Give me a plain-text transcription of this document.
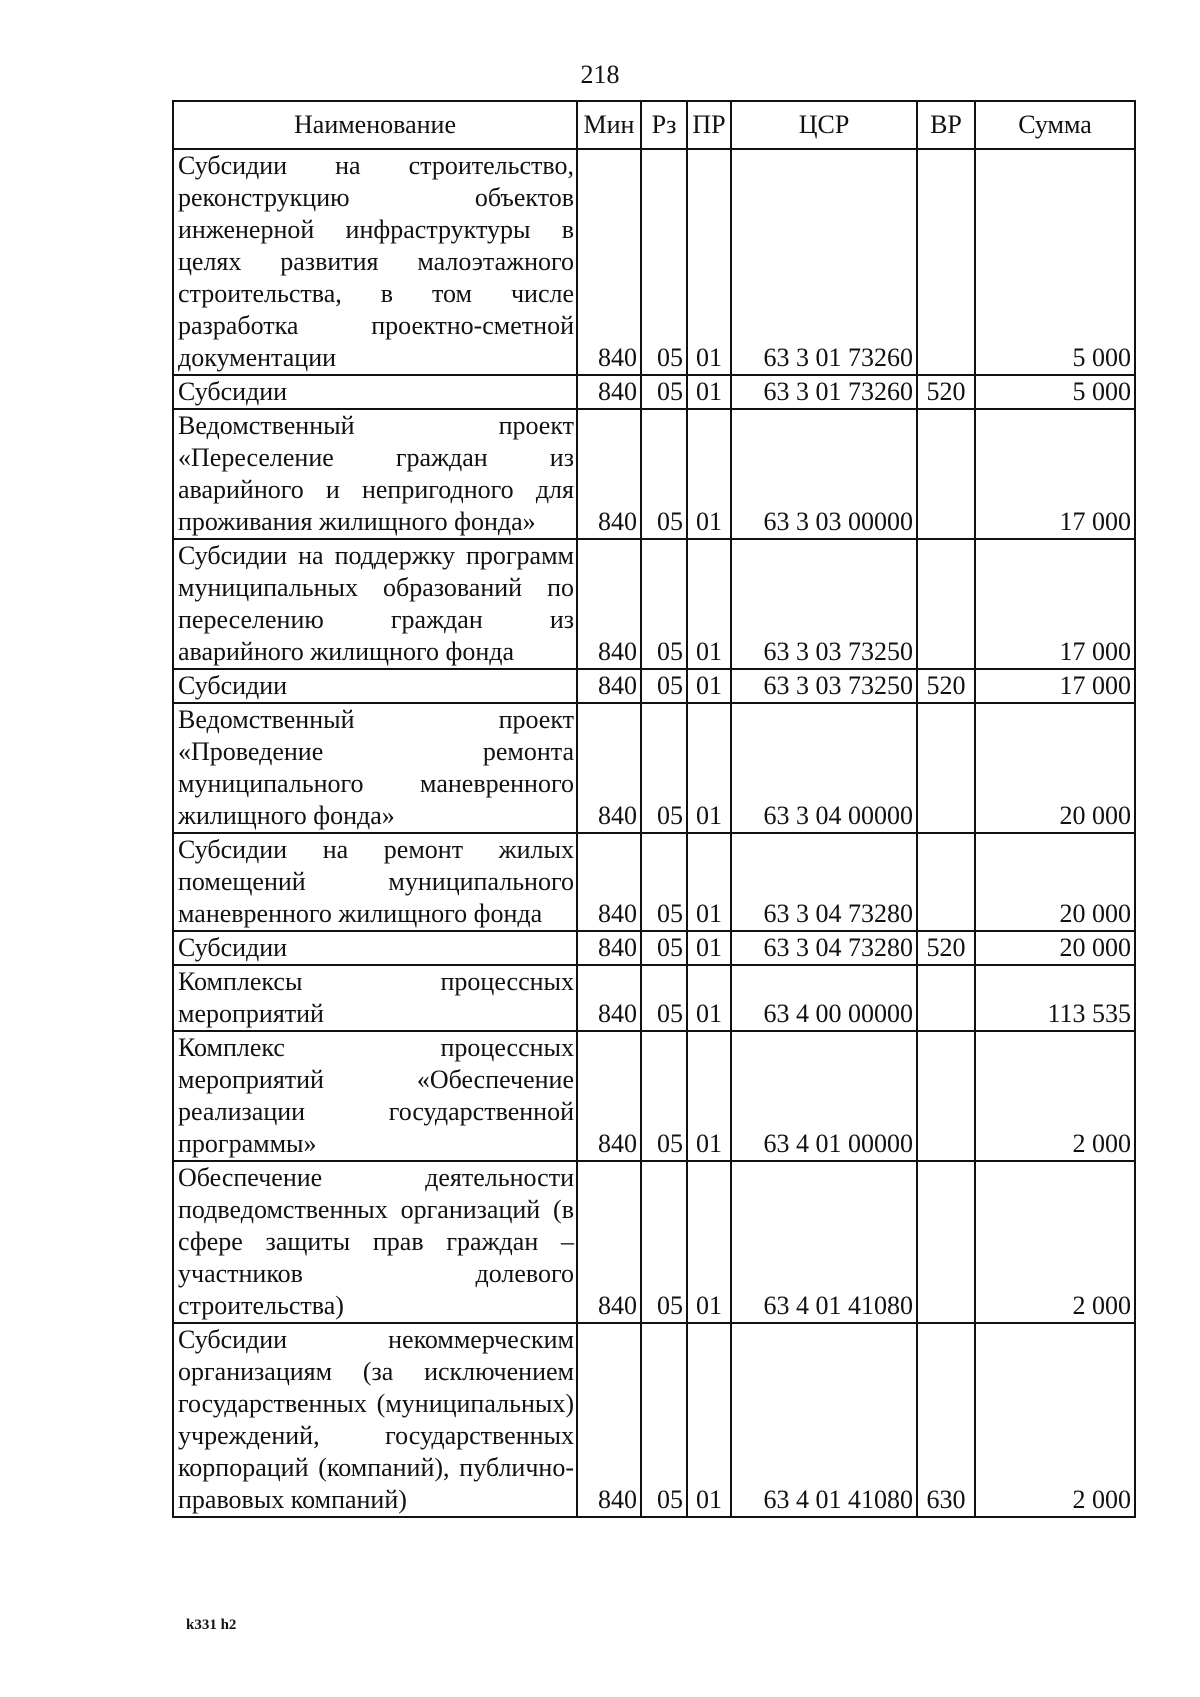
218
Наименование	Мин	Рз	ПР	ЦСР	ВР	Сумма
Субсидии на строительство, реконструкцию объектов инженерной инфраструктуры в целях развития малоэтажного строительства, в том числе разработка проектно-сметной документации	840	05	01	63 3 01 73260		5 000
Субсидии	840	05	01	63 3 01 73260	520	5 000
Ведомственный проект «Переселение граждан из аварийного и непригодного для проживания жилищного фонда»	840	05	01	63 3 03 00000		17 000
Субсидии на поддержку программ муниципальных образований по переселению граждан из аварийного жилищного фонда	840	05	01	63 3 03 73250		17 000
Субсидии	840	05	01	63 3 03 73250	520	17 000
Ведомственный проект «Проведение ремонта муниципального маневренного жилищного фонда»	840	05	01	63 3 04 00000		20 000
Субсидии на ремонт жилых помещений муниципального маневренного жилищного фонда	840	05	01	63 3 04 73280		20 000
Субсидии	840	05	01	63 3 04 73280	520	20 000
Комплексы процессных мероприятий	840	05	01	63 4 00 00000		113 535
Комплекс процессных мероприятий «Обеспечение реализации государственной программы»	840	05	01	63 4 01 00000		2 000
Обеспечение деятельности подведомственных организаций (в сфере защиты прав граждан – участников долевого строительства)	840	05	01	63 4 01 41080		2 000
Субсидии некоммерческим организациям (за исключением государственных (муниципальных) учреждений, государственных корпораций (компаний), публично-правовых компаний)	840	05	01	63 4 01 41080	630	2 000
k331 h2
